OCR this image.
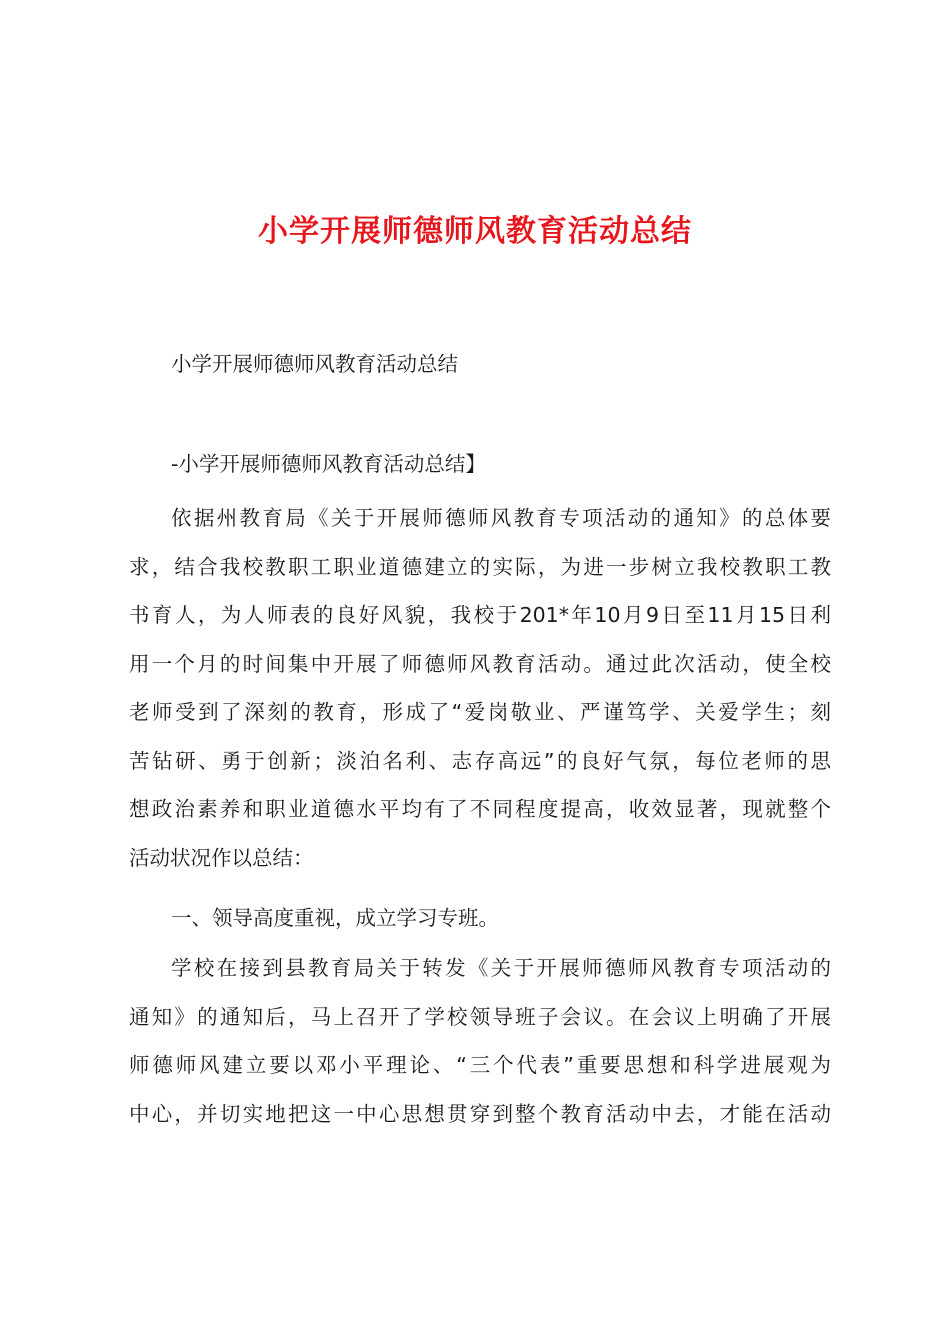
小学开展师德师风教育活动总结
小学开展师德师风教育活动总结
-小学开展师德师风教育活动总结】
依据州教育局《关于开展师德师风教育专项活动的通知》的总体要
求，结合我校教职工职业道德建立的实际，为进一步树立我校教职工教
书育人，为人师表的良好风貌，我校于201*年10月9日至11月15日利
用一个月的时间集中开展了师德师风教育活动。通过此次活动，使全校
老师受到了深刻的教育，形成了“爱岗敬业、严谨笃学、关爱学生；刻
苦钻研、勇于创新；淡泊名利、志存高远”的良好气氛，每位老师的思
想政治素养和职业道德水平均有了不同程度提高，收效显著，现就整个
活动状况作以总结：
一、领导高度重视，成立学习专班。
学校在接到县教育局关于转发《关于开展师德师风教育专项活动的
通知》的通知后，马上召开了学校领导班子会议。在会议上明确了开展
师德师风建立要以邓小平理论、“三个代表”重要思想和科学进展观为
中心，并切实地把这一中心思想贯穿到整个教育活动中去，才能在活动
